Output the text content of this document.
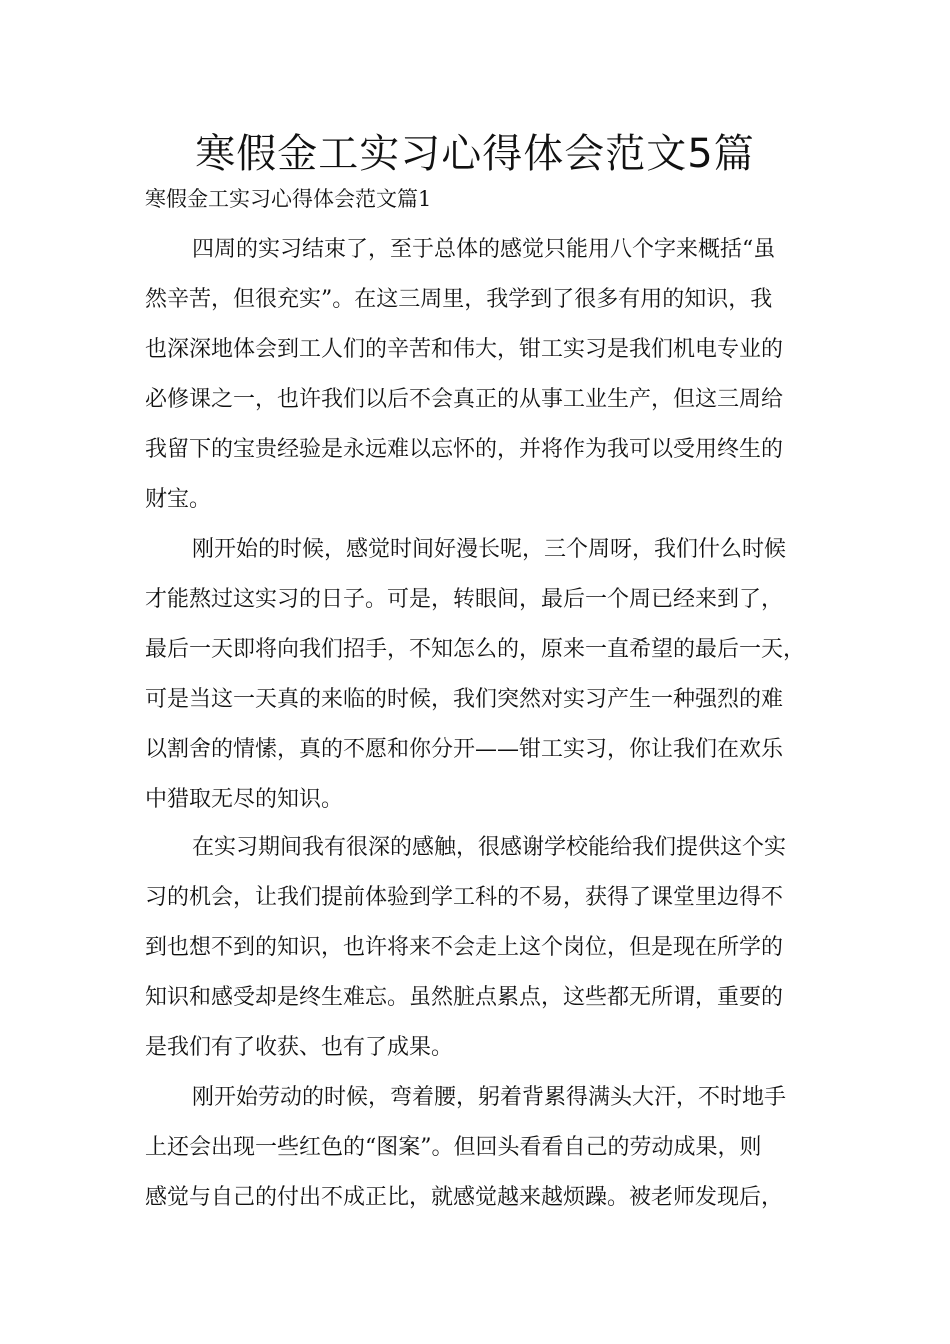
寒假金工实习心得体会范文5篇
寒假金工实习心得体会范文篇1
四周的实习结束了，至于总体的感觉只能用八个字来概括“虽
然辛苦，但很充实”。在这三周里，我学到了很多有用的知识，我
也深深地体会到工人们的辛苦和伟大，钳工实习是我们机电专业的
必修课之一，也许我们以后不会真正的从事工业生产，但这三周给
我留下的宝贵经验是永远难以忘怀的，并将作为我可以受用终生的
财宝。
刚开始的时候，感觉时间好漫长呢，三个周呀，我们什么时候
才能熬过这实习的日子。可是，转眼间，最后一个周已经来到了，
最后一天即将向我们招手，不知怎么的，原来一直希望的最后一天，
可是当这一天真的来临的时候，我们突然对实习产生一种强烈的难
以割舍的情愫，真的不愿和你分开——钳工实习，你让我们在欢乐
中猎取无尽的知识。
在实习期间我有很深的感触，很感谢学校能给我们提供这个实
习的机会，让我们提前体验到学工科的不易，获得了课堂里边得不
到也想不到的知识，也许将来不会走上这个岗位，但是现在所学的
知识和感受却是终生难忘。虽然脏点累点，这些都无所谓，重要的
是我们有了收获、也有了成果。
刚开始劳动的时候，弯着腰，躬着背累得满头大汗，不时地手
上还会出现一些红色的“图案”。但回头看看自己的劳动成果，则
感觉与自己的付出不成正比，就感觉越来越烦躁。被老师发现后，
